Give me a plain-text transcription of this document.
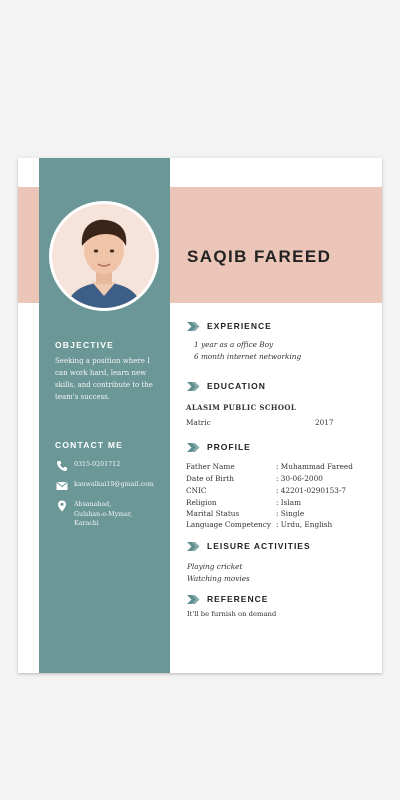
SAQIB FAREED
OBJECTIVE
Seeking a position where I can work hard, learn new skills, and contribute to the team's success.
CONTACT ME
0315-0201712
kanwalkai19@gmail.com
Ahsanabad,
Gulshan-e-Mymar,
Karachi
EXPERIENCE
1 year as a office Boy
6 month internet networking
EDUCATION
ALASIM PUBLIC SCHOOL
Matric	2017
PROFILE
Father Name	: Muhammad Fareed
Date of Birth	: 30-06-2000
CNIC	: 42201-0290153-7
Religion	: Islam
Marital Status	: Single
Language Competency : Urdu, English
LEISURE ACTIVITIES
Playing cricket
Watching movies
REFERENCE
It'll be furnish on demand
